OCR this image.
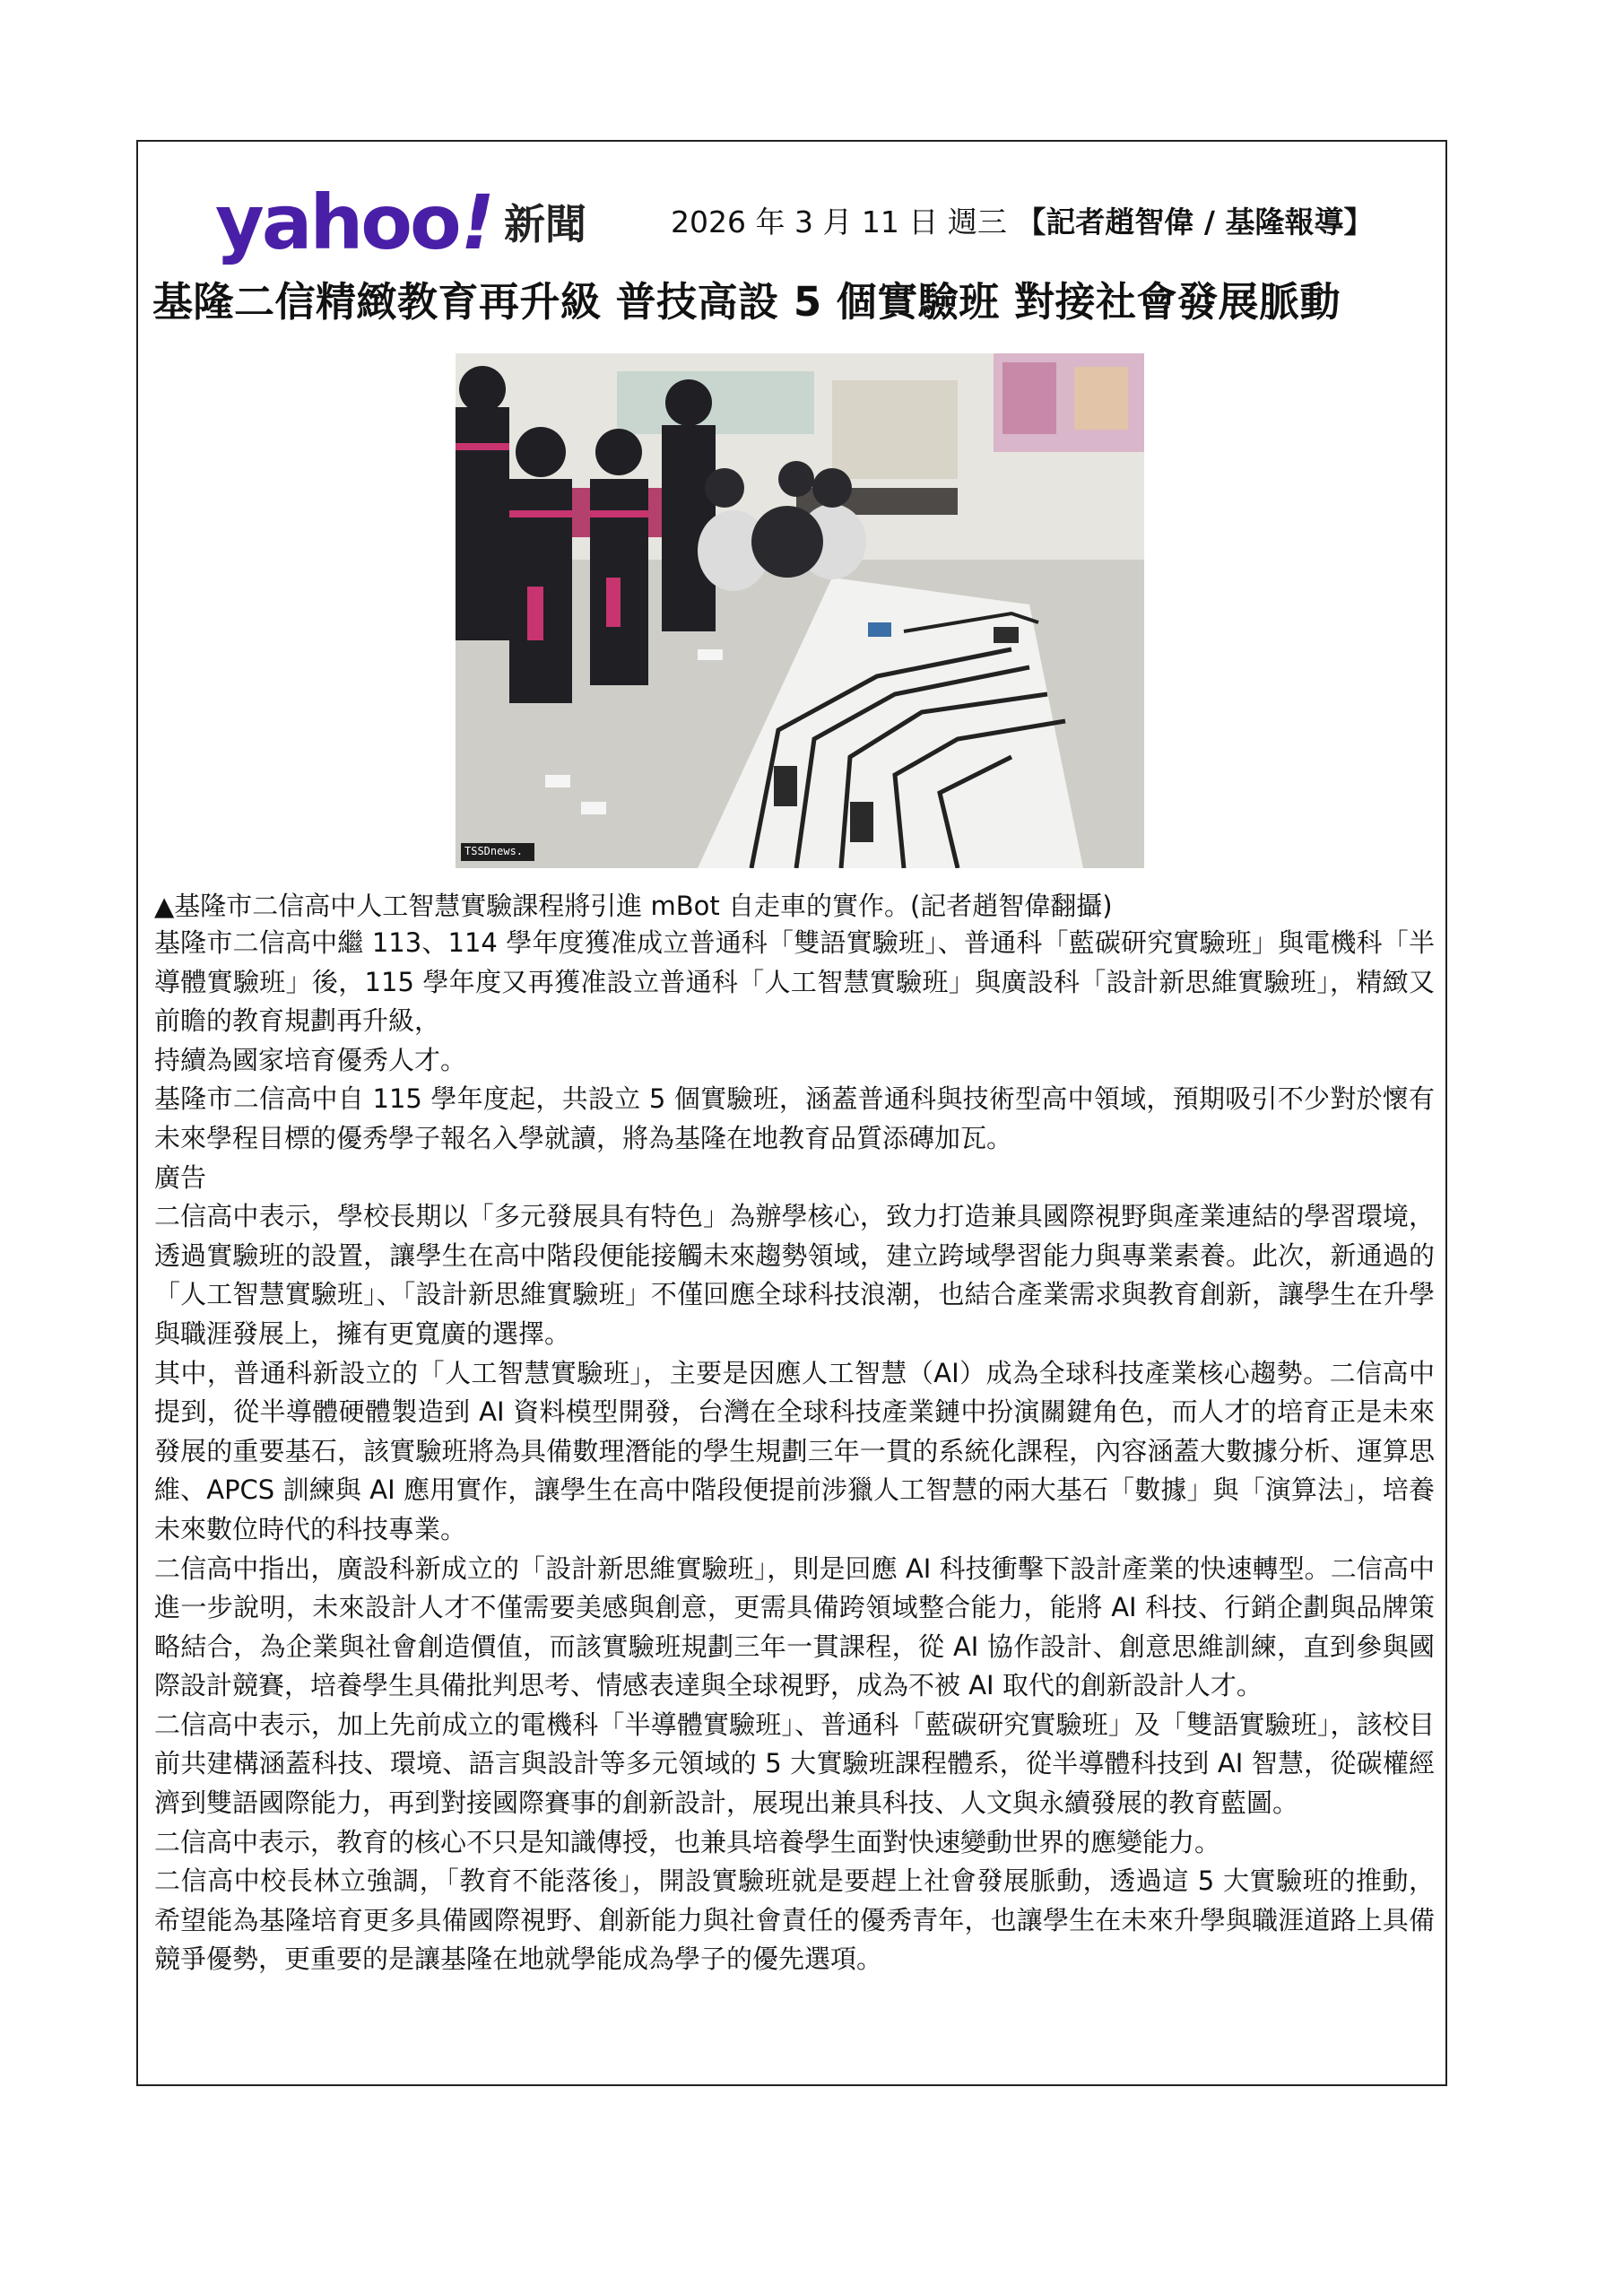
yahoo ! 新聞	2026 年 3 月 11 日 週三 【記者趙智偉 / 基隆報導】
基隆二信精緻教育再升級 普技高設 5 個實驗班 對接社會發展脈動
TSSDnews.
▲基隆市二信高中人工智慧實驗課程將引進 mBot 自走車的實作。(記者趙智偉翻攝)

基隆市二信高中繼 113、114 學年度獲准成立普通科「雙語實驗班」、普通科「藍碳研究實驗班」與電機科「半導體實驗班」後，115 學年度又再獲准設立普通科「人工智慧實驗班」與廣設科「設計新思維實驗班」，精緻又前瞻的教育規劃再升級，

持續為國家培育優秀人才。

基隆市二信高中自 115 學年度起，共設立 5 個實驗班，涵蓋普通科與技術型高中領域，預期吸引不少對於懷有未來學程目標的優秀學子報名入學就讀，將為基隆在地教育品質添磚加瓦。

廣告

二信高中表示，學校長期以「多元發展具有特色」為辦學核心，致力打造兼具國際視野與產業連結的學習環境，透過實驗班的設置，讓學生在高中階段便能接觸未來趨勢領域，建立跨域學習能力與專業素養。此次，新通過的「人工智慧實驗班」、「設計新思維實驗班」不僅回應全球科技浪潮，也結合產業需求與教育創新，讓學生在升學與職涯發展上，擁有更寬廣的選擇。

其中，普通科新設立的「人工智慧實驗班」，主要是因應人工智慧（AI）成為全球科技產業核心趨勢。二信高中提到，從半導體硬體製造到 AI 資料模型開發，台灣在全球科技產業鏈中扮演關鍵角色，而人才的培育正是未來發展的重要基石，該實驗班將為具備數理潛能的學生規劃三年一貫的系統化課程，內容涵蓋大數據分析、運算思維、APCS 訓練與 AI 應用實作，讓學生在高中階段便提前涉獵人工智慧的兩大基石「數據」與「演算法」，培養未來數位時代的科技專業。

二信高中指出，廣設科新成立的「設計新思維實驗班」，則是回應 AI 科技衝擊下設計產業的快速轉型。二信高中進一步說明，未來設計人才不僅需要美感與創意，更需具備跨領域整合能力，能將 AI 科技、行銷企劃與品牌策略結合，為企業與社會創造價值，而該實驗班規劃三年一貫課程，從 AI 協作設計、創意思維訓練，直到參與國際設計競賽，培養學生具備批判思考、情感表達與全球視野，成為不被 AI 取代的創新設計人才。

二信高中表示，加上先前成立的電機科「半導體實驗班」、普通科「藍碳研究實驗班」及「雙語實驗班」，該校目前共建構涵蓋科技、環境、語言與設計等多元領域的 5 大實驗班課程體系，從半導體科技到 AI 智慧，從碳權經濟到雙語國際能力，再到對接國際賽事的創新設計，展現出兼具科技、人文與永續發展的教育藍圖。

二信高中表示，教育的核心不只是知識傳授，也兼具培養學生面對快速變動世界的應變能力。

二信高中校長林立強調，「教育不能落後」，開設實驗班就是要趕上社會發展脈動，透過這 5 大實驗班的推動，希望能為基隆培育更多具備國際視野、創新能力與社會責任的優秀青年，也讓學生在未來升學與職涯道路上具備競爭優勢，更重要的是讓基隆在地就學能成為學子的優先選項。
